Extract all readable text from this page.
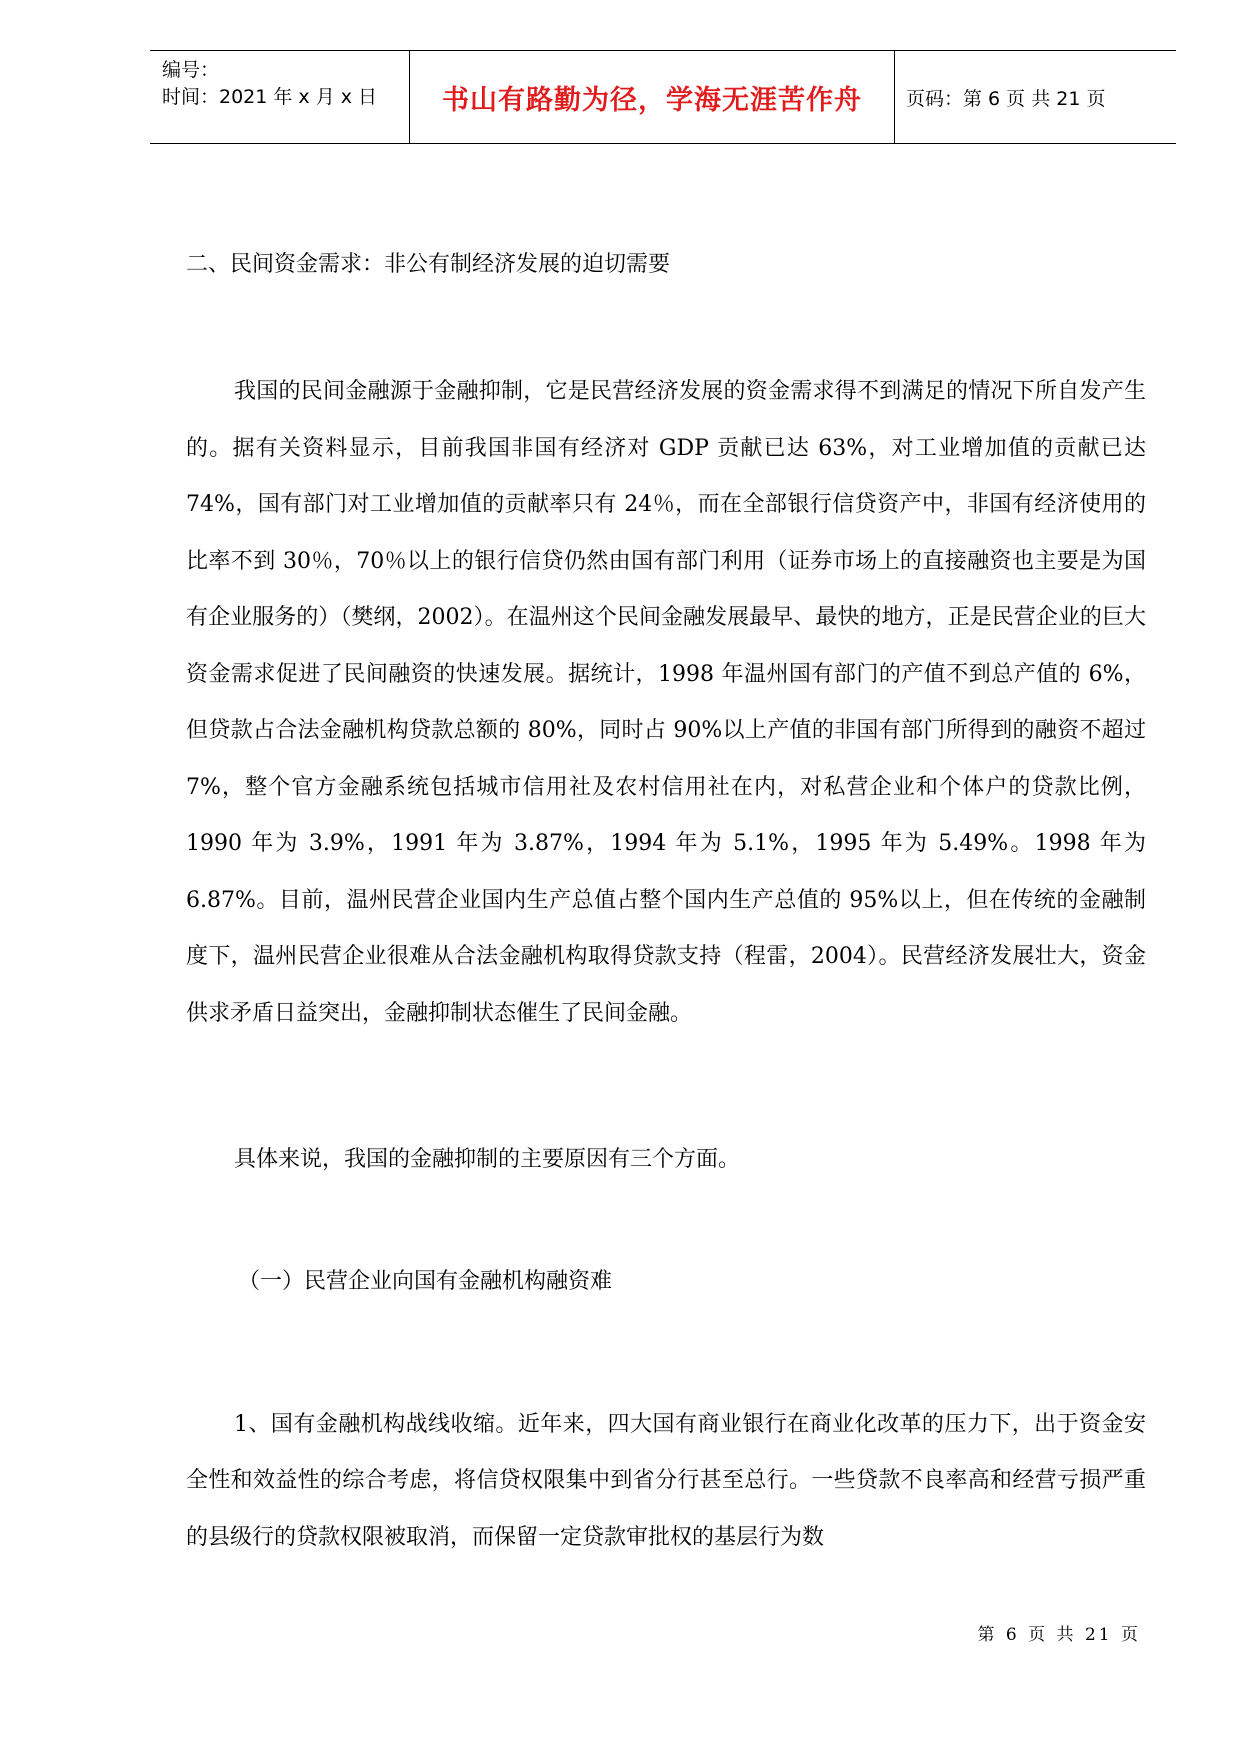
编号：
时间：2021 年 x 月 x 日	书山有路勤为径，学海无涯苦作舟	页码：第 6 页 共 21 页
二、民间资金需求：非公有制经济发展的迫切需要

我国的民间金融源于金融抑制，它是民营经济发展的资金需求得不到满足的情况下所自发产生的。据有关资料显示，目前我国非国有经济对 GDP 贡献已达 63%，对工业增加值的贡献已达 74%，国有部门对工业增加值的贡献率只有 24％，而在全部银行信贷资产中，非国有经济使用的比率不到 30％，70％以上的银行信贷仍然由国有部门利用（证券市场上的直接融资也主要是为国有企业服务的）（樊纲，2002）。在温州这个民间金融发展最早、最快的地方，正是民营企业的巨大资金需求促进了民间融资的快速发展。据统计，1998 年温州国有部门的产值不到总产值的 6%，但贷款占合法金融机构贷款总额的 80%，同时占 90%以上产值的非国有部门所得到的融资不超过 7%，整个官方金融系统包括城市信用社及农村信用社在内，对私营企业和个体户的贷款比例，1990 年为 3.9%，1991 年为 3.87%，1994 年为 5.1%，1995 年为 5.49%。1998 年为 6.87%。目前，温州民营企业国内生产总值占整个国内生产总值的 95%以上，但在传统的金融制度下，温州民营企业很难从合法金融机构取得贷款支持（程雷，2004）。民营经济发展壮大，资金供求矛盾日益突出，金融抑制状态催生了民间金融。

具体来说，我国的金融抑制的主要原因有三个方面。

（一）民营企业向国有金融机构融资难

1、国有金融机构战线收缩。近年来，四大国有商业银行在商业化改革的压力下，出于资金安全性和效益性的综合考虑，将信贷权限集中到省分行甚至总行。一些贷款不良率高和经营亏损严重的县级行的贷款权限被取消，而保留一定贷款审批权的基层行为数

第 6 页 共 21 页
